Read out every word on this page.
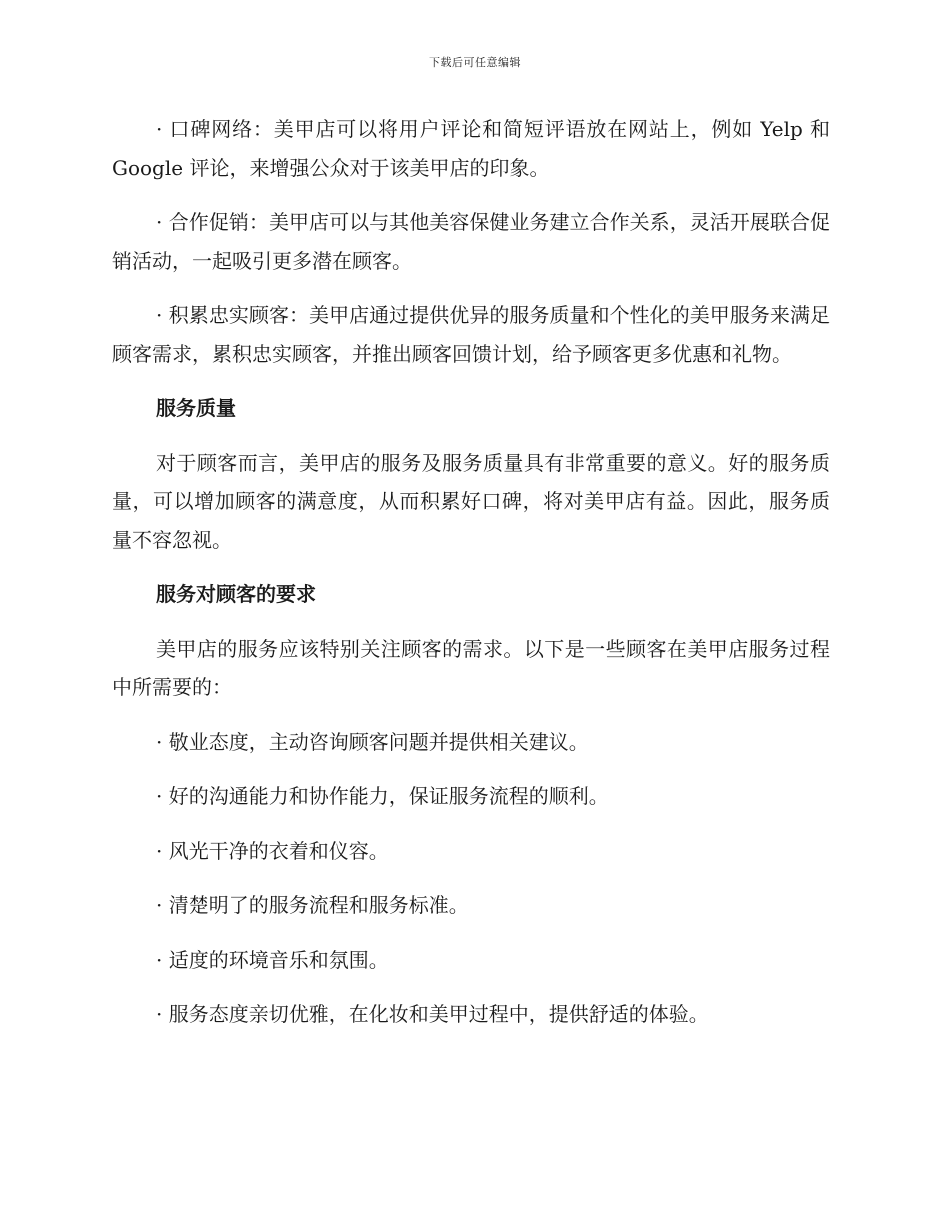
下载后可任意编辑

· 口碑网络：美甲店可以将用户评论和简短评语放在网站上，例如 Yelp 和 Google 评论，来增强公众对于该美甲店的印象。

· 合作促销：美甲店可以与其他美容保健业务建立合作关系，灵活开展联合促销活动，一起吸引更多潜在顾客。

· 积累忠实顾客：美甲店通过提供优异的服务质量和个性化的美甲服务来满足顾客需求，累积忠实顾客，并推出顾客回馈计划，给予顾客更多优惠和礼物。

服务质量

对于顾客而言，美甲店的服务及服务质量具有非常重要的意义。好的服务质量，可以增加顾客的满意度，从而积累好口碑，将对美甲店有益。因此，服务质量不容忽视。

服务对顾客的要求

美甲店的服务应该特别关注顾客的需求。以下是一些顾客在美甲店服务过程中所需要的：

· 敬业态度，主动咨询顾客问题并提供相关建议。

· 好的沟通能力和协作能力，保证服务流程的顺利。

· 风光干净的衣着和仪容。

· 清楚明了的服务流程和服务标准。

· 适度的环境音乐和氛围。

· 服务态度亲切优雅，在化妆和美甲过程中，提供舒适的体验。
